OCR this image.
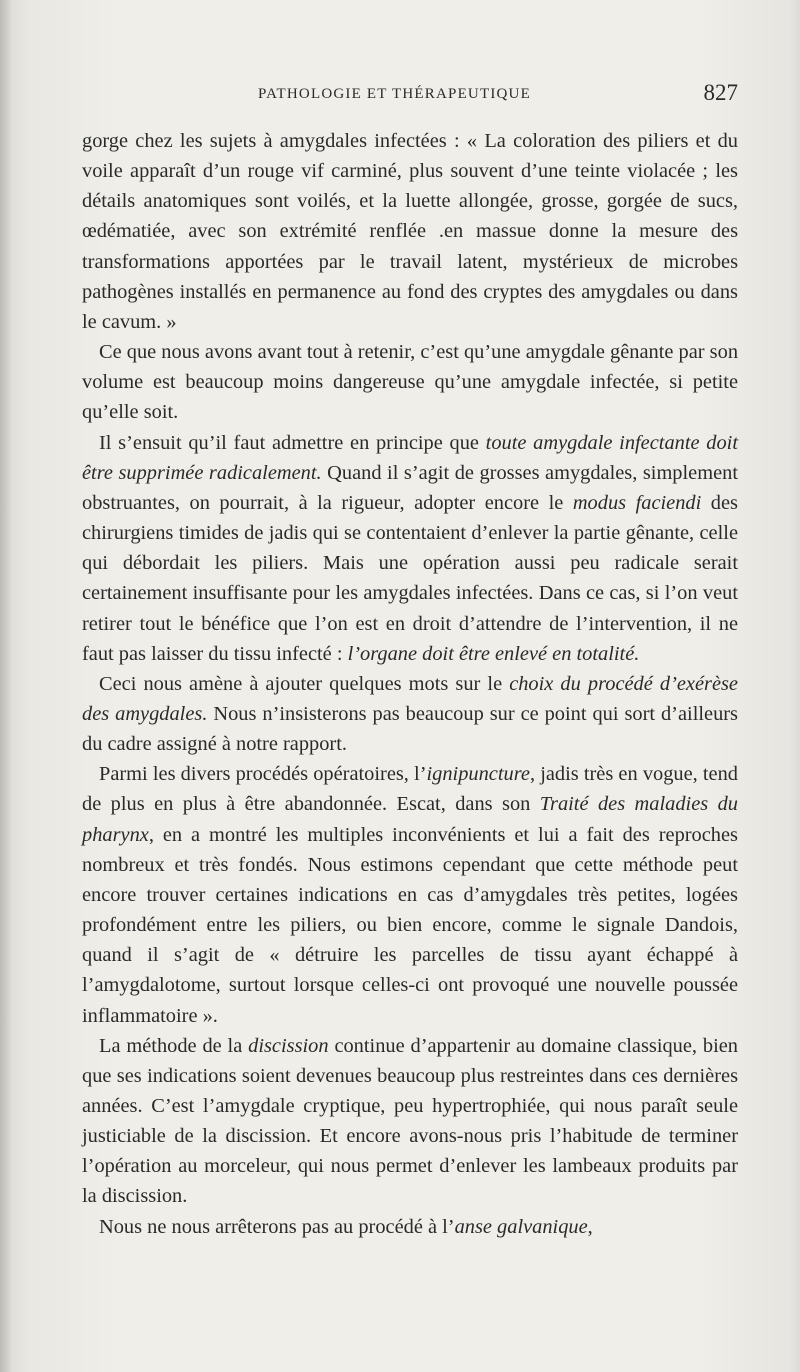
PATHOLOGIE ET THÉRAPEUTIQUE	827

gorge chez les sujets à amygdales infectées : « La coloration des piliers et du voile apparaît d’un rouge vif carminé, plus souvent d’une teinte violacée ; les détails anatomiques sont voilés, et la luette allongée, grosse, gorgée de sucs, œdématiée, avec son extrémité renflée .en massue donne la mesure des transformations apportées par le travail latent, mystérieux de microbes pathogènes installés en permanence au fond des cryptes des amygdales ou dans le cavum. »

Ce que nous avons avant tout à retenir, c’est qu’une amygdale gênante par son volume est beaucoup moins dangereuse qu’une amygdale infectée, si petite qu’elle soit.

Il s’ensuit qu’il faut admettre en principe que toute amygdale infectante doit être supprimée radicalement. Quand il s’agit de grosses amygdales, simplement obstruantes, on pourrait, à la rigueur, adopter encore le modus faciendi des chirurgiens timides de jadis qui se contentaient d’enlever la partie gênante, celle qui débordait les piliers. Mais une opération aussi peu radicale serait certainement insuffisante pour les amygdales infectées. Dans ce cas, si l’on veut retirer tout le bénéfice que l’on est en droit d’attendre de l’intervention, il ne faut pas laisser du tissu infecté : l’organe doit être enlevé en totalité.

Ceci nous amène à ajouter quelques mots sur le choix du procédé d’exérèse des amygdales. Nous n’insisterons pas beaucoup sur ce point qui sort d’ailleurs du cadre assigné à notre rapport.

Parmi les divers procédés opératoires, l’ignipuncture, jadis très en vogue, tend de plus en plus à être abandonnée. Escat, dans son Traité des maladies du pharynx, en a montré les multiples inconvénients et lui a fait des reproches nombreux et très fondés. Nous estimons cependant que cette méthode peut encore trouver certaines indications en cas d’amygdales très petites, logées profondément entre les piliers, ou bien encore, comme le signale Dandois, quand il s’agit de « détruire les parcelles de tissu ayant échappé à l’amygdalotome, surtout lorsque celles-ci ont provoqué une nouvelle poussée inflammatoire ».

La méthode de la discission continue d’appartenir au domaine classique, bien que ses indications soient devenues beaucoup plus restreintes dans ces dernières années. C’est l’amygdale cryptique, peu hypertrophiée, qui nous paraît seule justiciable de la discission. Et encore avons-nous pris l’habitude de terminer l’opération au morceleur, qui nous permet d’enlever les lambeaux produits par la discission.

Nous ne nous arrêterons pas au procédé à l’anse galvanique,
